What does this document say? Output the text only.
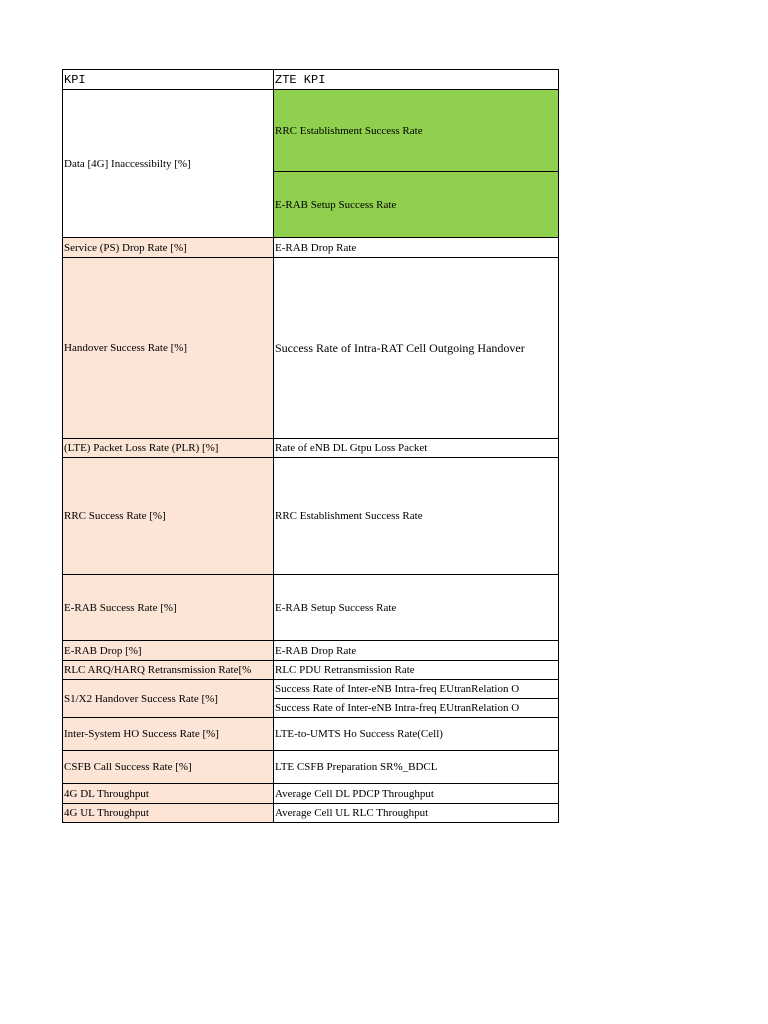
KPI	ZTE KPI
Data [4G] Inaccessibilty [%]	RRC Establishment Success Rate
	E-RAB Setup Success Rate
Service (PS) Drop Rate [%]	E-RAB Drop Rate
Handover Success Rate [%]	Success Rate of Intra-RAT Cell Outgoing Handover
(LTE) Packet Loss Rate (PLR) [%]	Rate of eNB DL Gtpu Loss Packet
RRC Success Rate [%]	RRC Establishment Success Rate
E-RAB Success Rate [%]	E-RAB Setup Success Rate
E-RAB Drop [%]	E-RAB Drop Rate
RLC ARQ/HARQ Retransmission Rate[%	RLC PDU Retransmission Rate
S1/X2 Handover Success Rate [%]	Success Rate of Inter-eNB Intra-freq EUtranRelation O
	Success Rate of Inter-eNB Intra-freq EUtranRelation O
Inter-System HO Success Rate [%]	LTE-to-UMTS Ho Success Rate(Cell)
CSFB Call Success Rate [%]	LTE CSFB Preparation SR%_BDCL
4G DL Throughput	Average Cell DL PDCP Throughput
4G UL Throughput	Average Cell UL RLC Throughput
